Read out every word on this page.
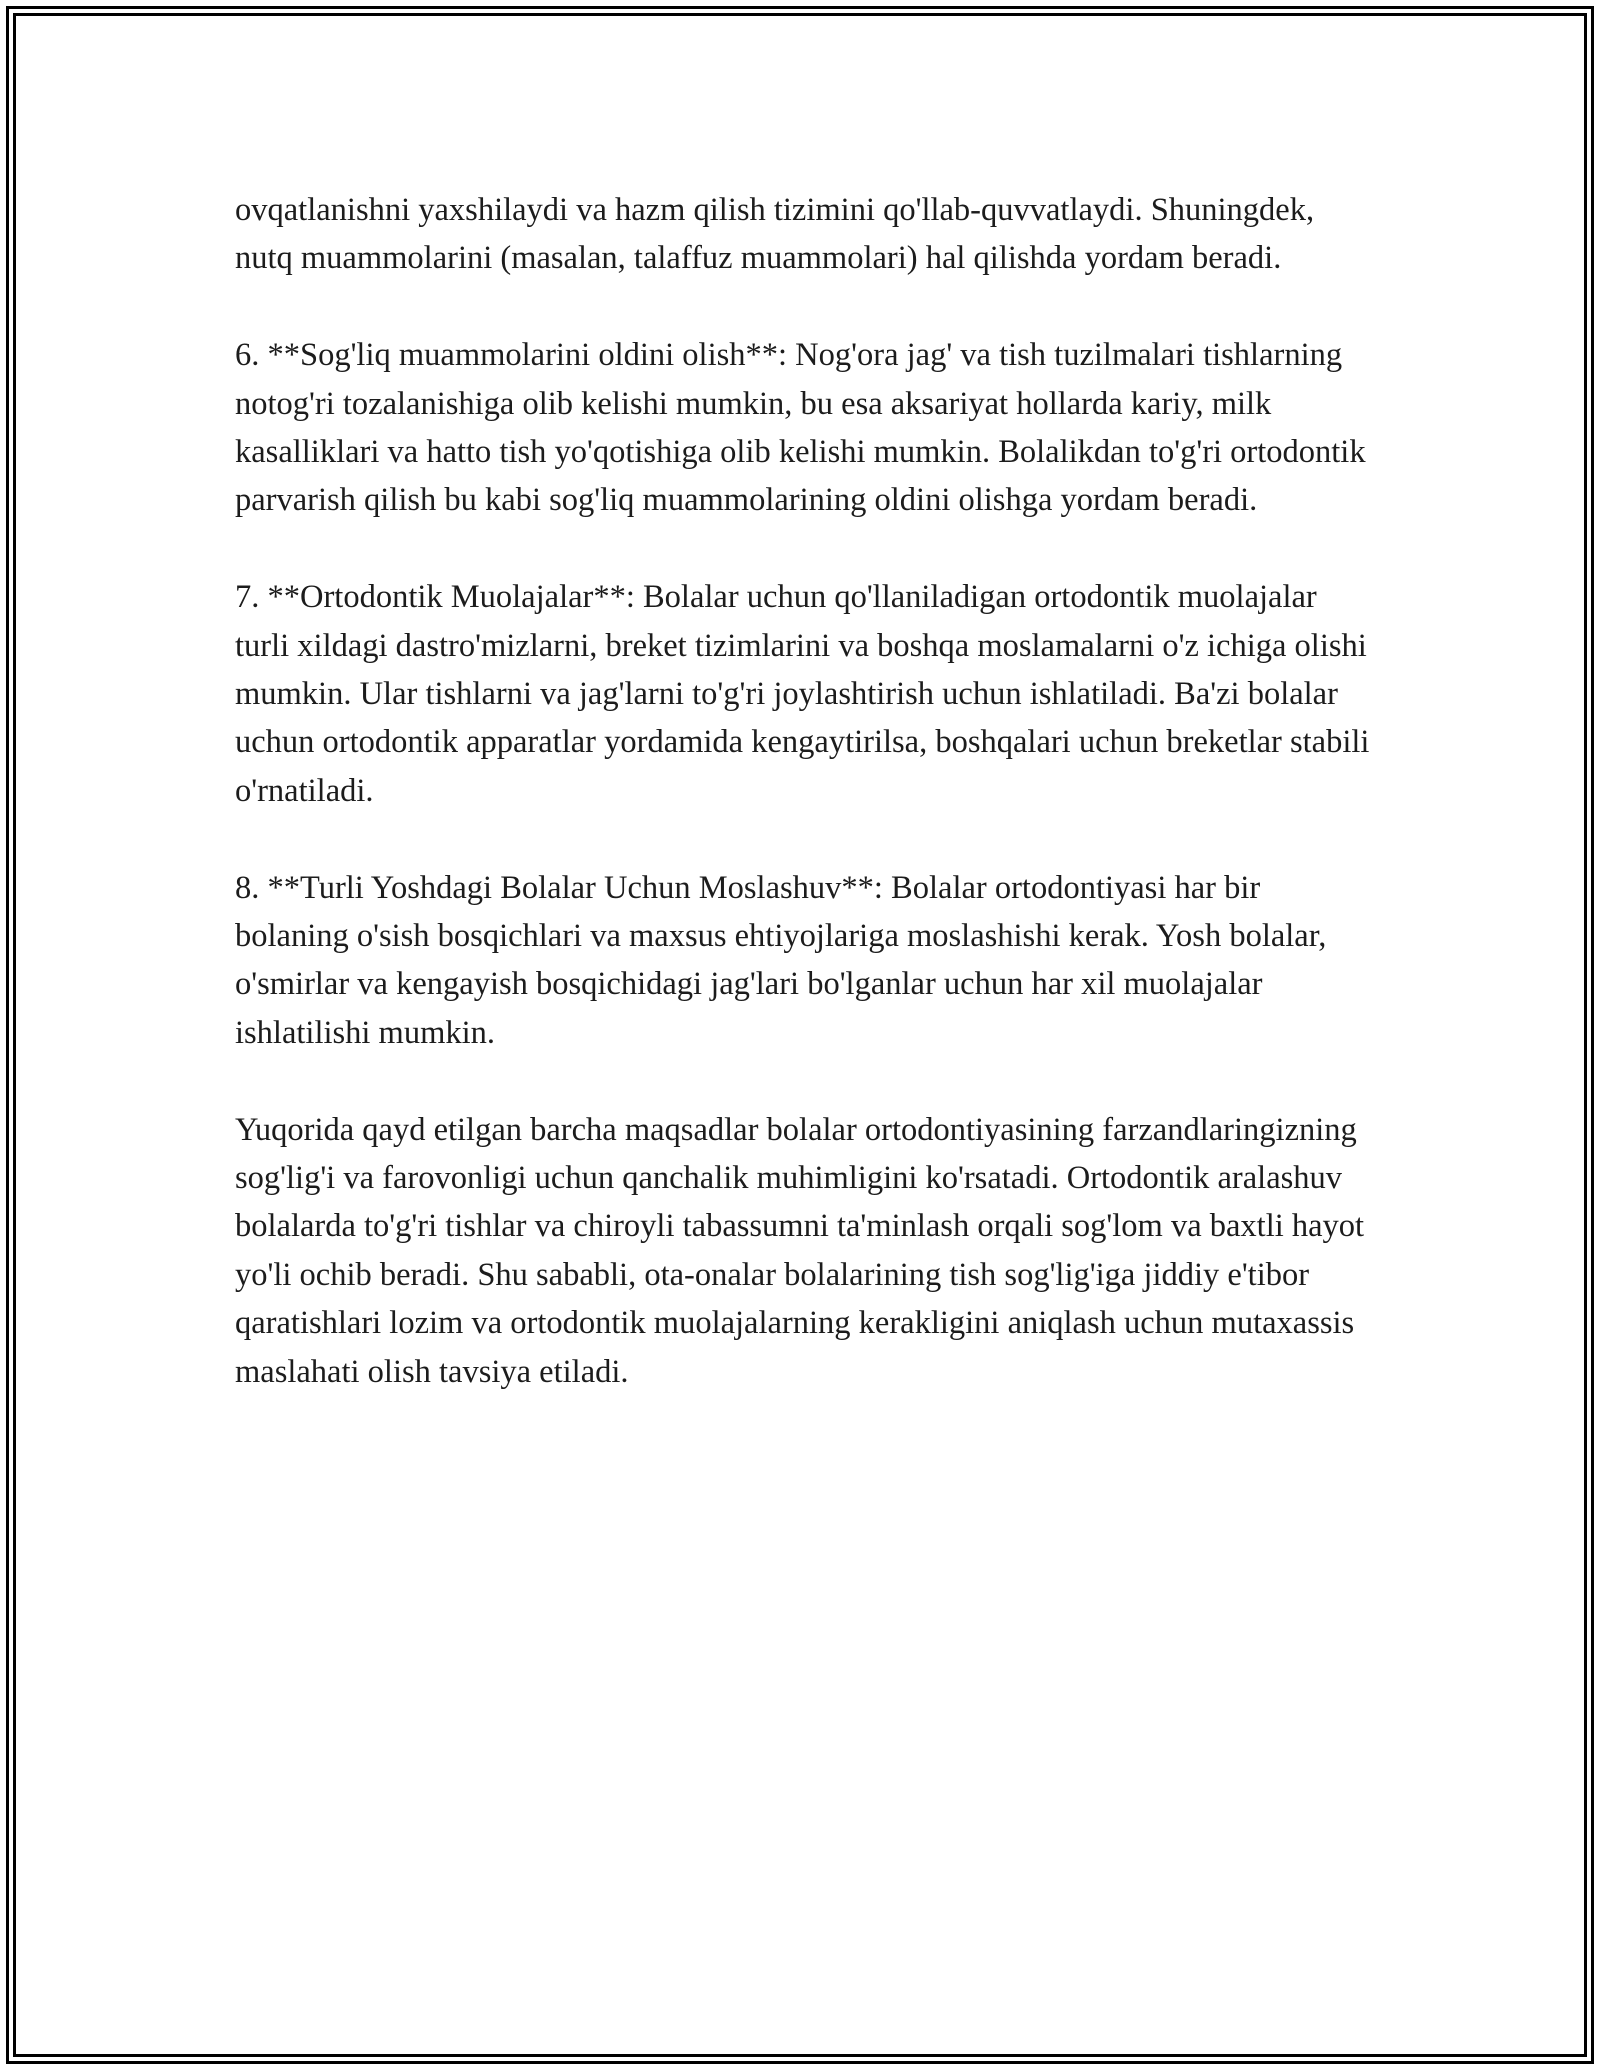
ovqatlanishni yaxshilaydi va hazm qilish tizimini qo'llab-quvvatlaydi. Shuningdek, nutq muammolarini (masalan, talaffuz muammolari) hal qilishda yordam beradi.

6. **Sog'liq muammolarini oldini olish**: Nog'ora jag' va tish tuzilmalari tishlarning notog'ri tozalanishiga olib kelishi mumkin, bu esa aksariyat hollarda kariy, milk kasalliklari va hatto tish yo'qotishiga olib kelishi mumkin. Bolalikdan to'g'ri ortodontik parvarish qilish bu kabi sog'liq muammolarining oldini olishga yordam beradi.

7. **Ortodontik Muolajalar**: Bolalar uchun qo'llaniladigan ortodontik muolajalar turli xildagi dastro'mizlarni, breket tizimlarini va boshqa moslamalarni o'z ichiga olishi mumkin. Ular tishlarni va jag'larni to'g'ri joylashtirish uchun ishlatiladi. Ba'zi bolalar uchun ortodontik apparatlar yordamida kengaytirilsa, boshqalari uchun breketlar stabili o'rnatiladi.

8. **Turli Yoshdagi Bolalar Uchun Moslashuv**: Bolalar ortodontiyasi har bir bolaning o'sish bosqichlari va maxsus ehtiyojlariga moslashishi kerak. Yosh bolalar, o'smirlar va kengayish bosqichidagi jag'lari bo'lganlar uchun har xil muolajalar ishlatilishi mumkin.

Yuqorida qayd etilgan barcha maqsadlar bolalar ortodontiyasining farzandlaringizning sog'lig'i va farovonligi uchun qanchalik muhimligini ko'rsatadi. Ortodontik aralashuv bolalarda to'g'ri tishlar va chiroyli tabassumni ta'minlash orqali sog'lom va baxtli hayot yo'li ochib beradi. Shu sababli, ota-onalar bolalarining tish sog'lig'iga jiddiy e'tibor qaratishlari lozim va ortodontik muolajalarning kerakligini aniqlash uchun mutaxassis maslahati olish tavsiya etiladi.
